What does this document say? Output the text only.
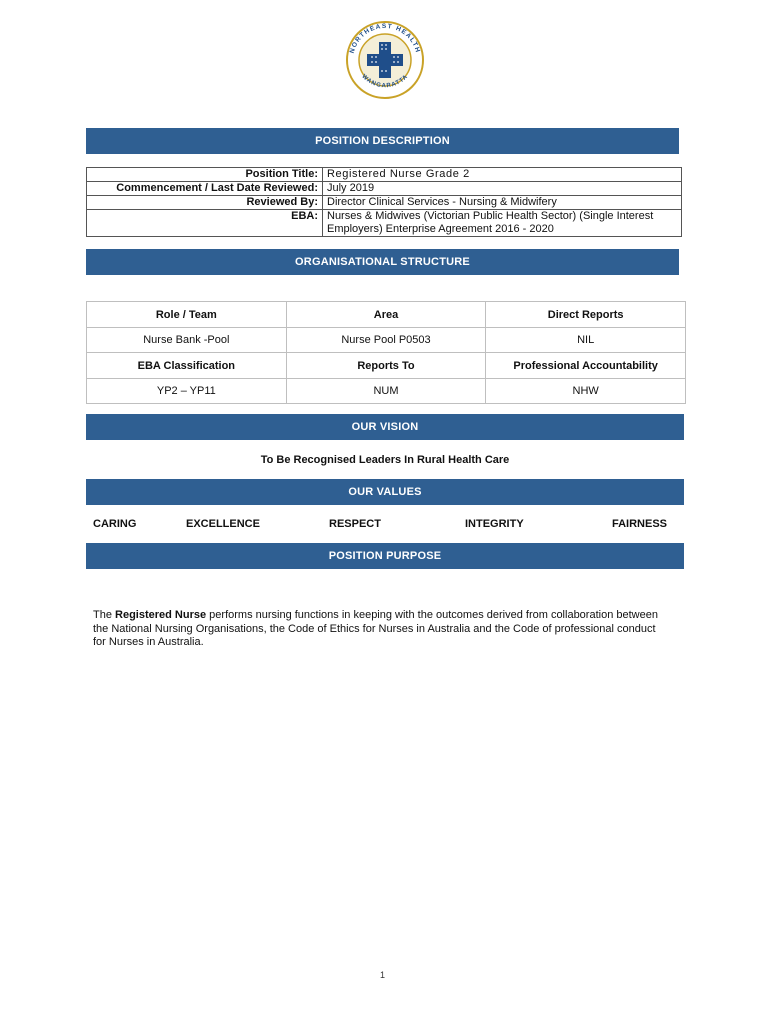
NORTHEAST HEALTH
WANGARATTA
POSITION DESCRIPTION
Position Title:	Registered Nurse Grade 2
Commencement / Last Date Reviewed:	July 2019
Reviewed By:	Director Clinical Services - Nursing & Midwifery
EBA:	Nurses & Midwives (Victorian Public Health Sector) (Single Interest Employers) Enterprise Agreement 2016 - 2020
ORGANISATIONAL STRUCTURE
Role / Team	Area	Direct Reports
Nurse Bank -Pool	Nurse Pool P0503	NIL
EBA Classification	Reports To	Professional Accountability
YP2 – YP11	NUM	NHW
OUR VISION
To Be Recognised Leaders In Rural Health Care
OUR VALUES
CARING	EXCELLENCE	RESPECT	INTEGRITY	FAIRNESS
POSITION PURPOSE
The Registered Nurse performs nursing functions in keeping with the outcomes derived from collaboration between the National Nursing Organisations, the Code of Ethics for Nurses in Australia and the Code of professional conduct for Nurses in Australia.
1
